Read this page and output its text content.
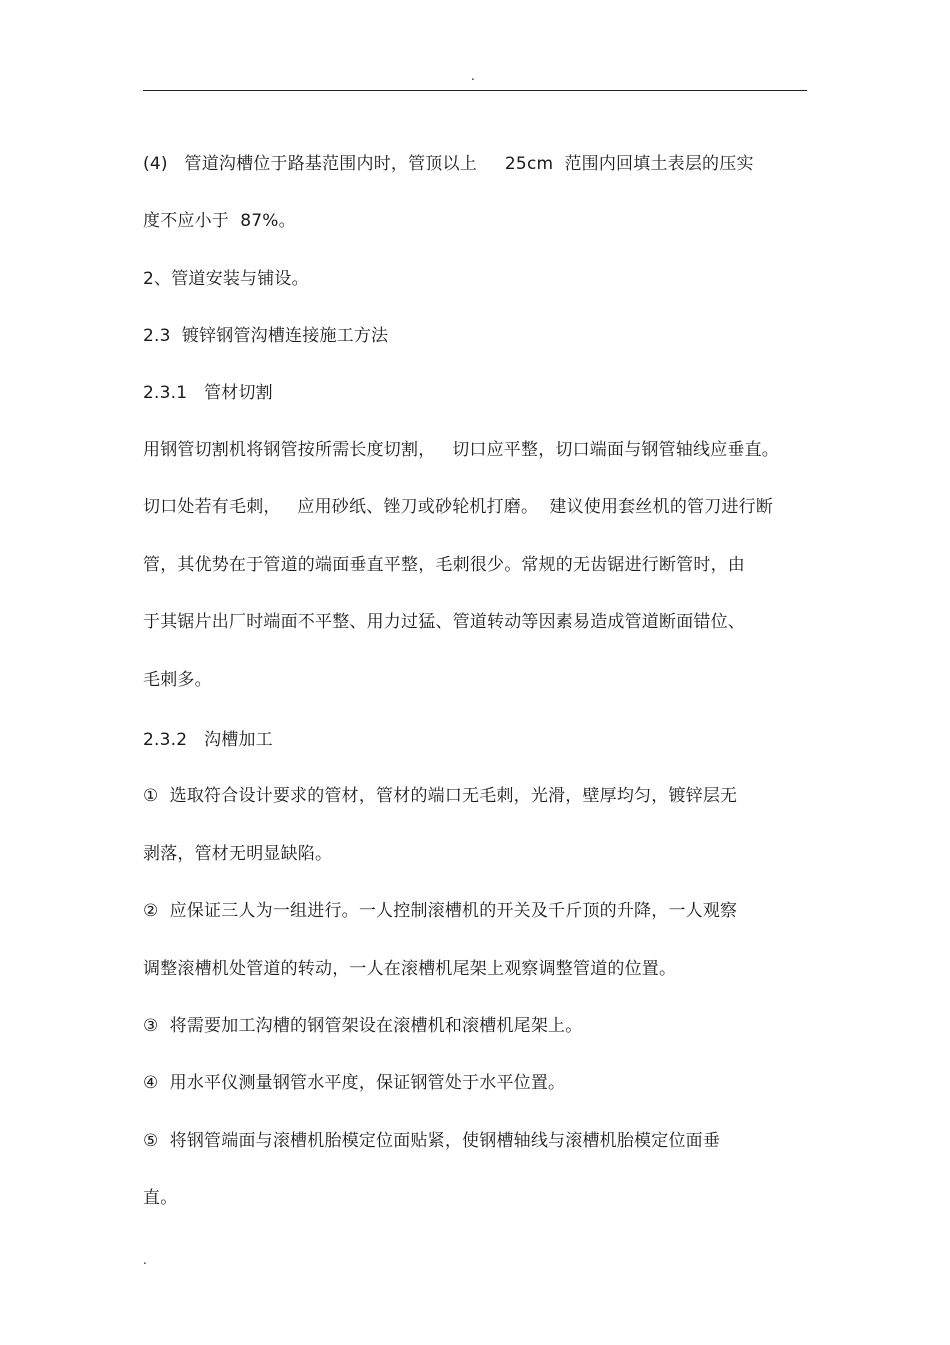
.
(4)   管道沟槽位于路基范围内时，管顶以上     25cm  范围内回填土表层的压实
度不应小于  87%。
2、管道安装与铺设。
2.3  镀锌钢管沟槽连接施工方法
2.3.1   管材切割
用钢管切割机将钢管按所需长度切割，   切口应平整，切口端面与钢管轴线应垂直。
切口处若有毛刺，   应用砂纸、锉刀或砂轮机打磨。  建议使用套丝机的管刀进行断
管，其优势在于管道的端面垂直平整，毛刺很少。常规的无齿锯进行断管时，由
于其锯片出厂时端面不平整、用力过猛、管道转动等因素易造成管道断面错位、
毛刺多。
2.3.2   沟槽加工
①  选取符合设计要求的管材，管材的端口无毛刺，光滑，壁厚均匀，镀锌层无
剥落，管材无明显缺陷。
②  应保证三人为一组进行。一人控制滚槽机的开关及千斤顶的升降，一人观察
调整滚槽机处管道的转动，一人在滚槽机尾架上观察调整管道的位置。
③  将需要加工沟槽的钢管架设在滚槽机和滚槽机尾架上。
④  用水平仪测量钢管水平度，保证钢管处于水平位置。
⑤  将钢管端面与滚槽机胎模定位面贴紧，使钢槽轴线与滚槽机胎模定位面垂
直。
.
